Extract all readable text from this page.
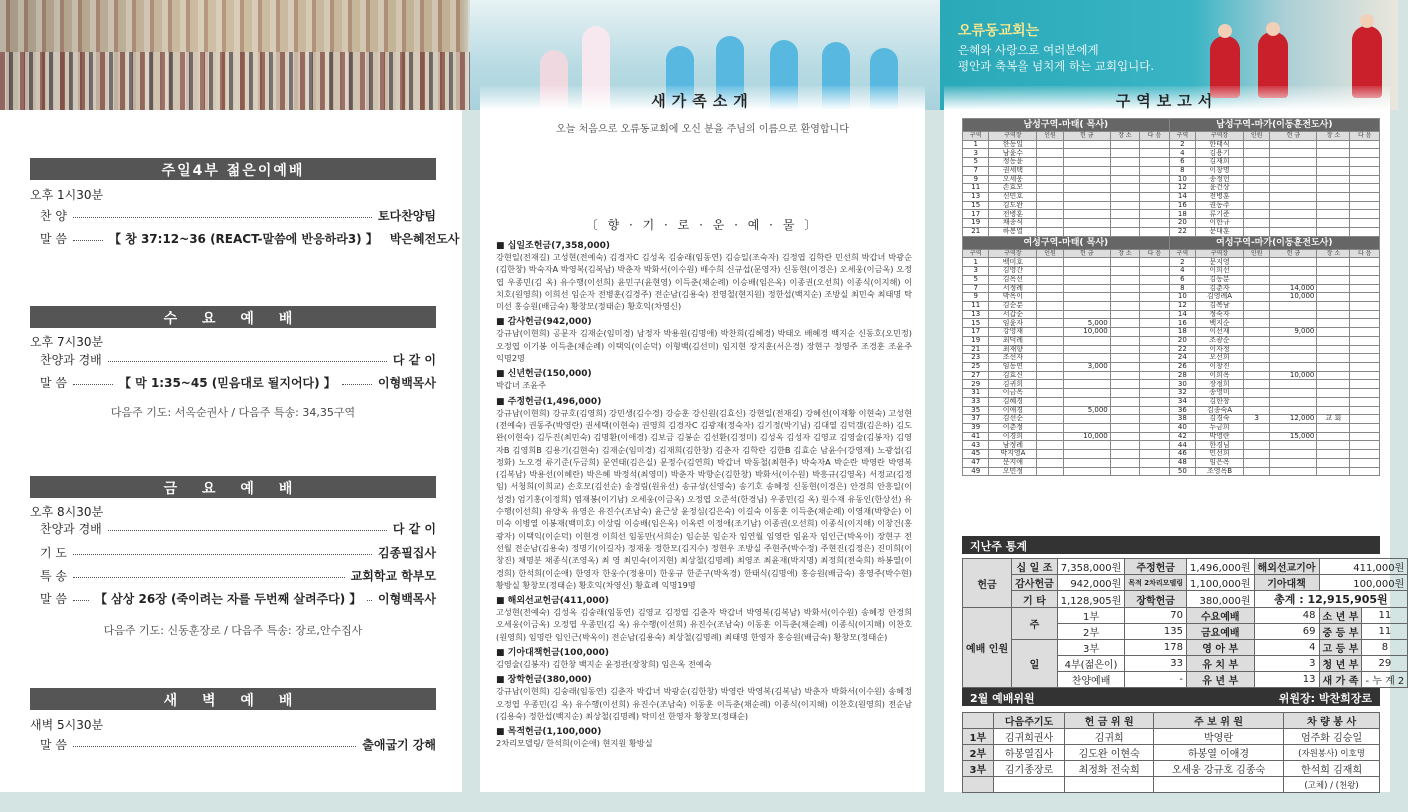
오류동교회는
은혜와 사랑으로 여러분에게
평안과 축복을 넘치게 하는 교회입니다.
새가족소개	구역보고서
주일4부 젊은이예배
오후 1시30분
찬 양	토다찬양팀
말 씀	【 창 37:12~36 (REACT-말씀에 반응하라3) 】 박은혜전도사
수 요 예 배
오후 7시30분
찬양과 경배	다 같 이
말 씀	【 막 1:35~45 (믿음대로 될지어다) 】	이형백목사
다음주 기도: 서옥순권사 / 다음주 특송: 34,35구역
금 요 예 배
오후 8시30분
찬양과 경배	다 같 이
기 도	김종필집사
특 송	교회학교 학부모
말 씀 【 삼상 26장 (죽이려는 자를 두번째 살려주다) 】 이형백목사
다음주 기도: 신동훈장로 / 다음주 특송: 장로,안수집사
새 벽 예 배
새벽 5시30분
말 씀	출애굽기 강해
오늘 처음으로 오류동교회에 오신 분을 주님의 이름으로 환영합니다
〔 향 · 기 · 로 · 운 · 예 · 물 〕
■ 십일조헌금(7,358,000)

강현일(전재길) 고성현(전예숙) 김경자C 김성옥 김숭래(임동연) 김승일(조숙자) 김정엽 김학란 민선희 박갑녀 박광순(김한창) 박숙자A 박영복(김복남) 박춘자 박화서(이수원) 배수희 신규섭(문영자) 신동현(이경은) 오세웅(이금옥) 오정엽 우종민(김 옥) 유수행(이선희) 윤민구(윤현영) 이득춘(채순례) 이승배(임은옥) 이종권(오선희) 이종식(이지해) 이치호(원영희) 이희선 임순자 전병훈(김경주) 전순남(김용숙) 전영철(현지원) 정한섭(백지순) 조방실 최민숙 최태명 탁미선 홍승원(배금숙) 황창모(정태순) 황호익(차영신)

■ 감사헌금(942,000)

강규남(이현희) 공문자 김재순(임미경) 남정자 박용원(김명애) 박찬희(김혜경) 박태오 배혜경 백지순 신동호(오민정) 오정엽 이기봉 이득춘(채순례) 이택익(이순덕) 이형백(김선미) 임지현 장지훈(서은경) 장현구 정영주 조경훈 조윤주 익명2명

■ 신년헌금(150,000)

박갑녀 조윤주

■ 주정헌금(1,496,000)

강규남(이현희) 강규호(김영희) 강민생(김수경) 강승훈 강신원(김효신) 강현일(전재길) 강혜선(이재황 이현숙) 고성현(전예숙) 권동주(박영란) 권세택(이현숙) 권영희 김경자C 김광재(정숙자) 김기정(박기님) 김대열 김덕갬(김은하) 김도완(이현숙) 김두진(최민숙) 김명환(이애경) 김보금 김봉순 김선환(김정미) 김성옥 김성자 김영교 김영술(김봉자) 김영자B 김영희B 김용기(김현숙) 김재순(임미경) 김재희(김한창) 김춘자 김학란 김한B 김효순 남윤수(강영재) 노광섭(김정화) 노오경 류기준(두금희) 문연태(김은실) 문정수(김연희) 박갑녀 박동철(최현주) 박숙자A 박순란 박영란 박영복(김복남) 박용선(이혜란) 박은혜 박정석(최영미) 박춘자 박향순(김한창) 박화서(이수원) 박흥규(김영옥) 서정교(김정임) 서청희(이희교) 손호모(김선순) 송경림(원유선) 송규성(신영숙) 송기호 송혜정 신동현(이경은) 안경희 안흥일(이성경) 엄기홍(이정희) 염재봉(이기남) 오세웅(이금옥) 오정엽 오준석(한경님) 우종민(김 옥) 원수재 유동인(한상선) 유수행(이선희) 유양옥 유영은 유진수(조남숙) 윤근상 윤정심(김은숙) 이길숙 이동훈 이득춘(채순례) 이영재(박향순) 이미숙 이병열 이봉재(백미호) 이상림 이승배(임은옥) 이옥련 이정애(조기남) 이종권(오선희) 이종식(이지해) 이창건(홍광자) 이택익(이순덕) 이현경 이희선 임동만(서희순) 임순분 임순자 임연월 임영란 임윤자 임인근(박옥이) 장현구 전선월 전순남(김용숙) 정명기(이길자) 정재웅 정한모(김지수) 정현우 조방실 주현주(박수정) 주현진(김정은) 진미희(이창진) 채명분 채종식(조영옥) 최 영 최민숙(이지현) 최상철(김명례) 최영조 최윤재(박지명) 최정희(전숙희) 하봉열(이경희) 한석희(이순애) 한영자 한웅수(정용미) 한웅규 한준구(박옥경) 한태식(김명애) 홍승원(배금숙) 홍영주(박수현) 황방실 황창모(정태순) 황호익(차영신) 황효례 익명19명

■ 해외선교헌금(411,000)

고성현(전예숙) 김성옥 김숭래(임동연) 김영교 김정엽 김춘자 박갑녀 박영복(김복남) 박화서(이수원) 송혜정 안경희 오세웅(이금옥) 오정엽 우종민(김 옥) 유수행(이선희) 유진수(조남숙) 이동훈 이득춘(채순례) 이종식(이지해) 이찬호(원영희) 임명란 임인근(박옥이) 전순남(김용숙) 최상철(김명례) 최태명 한영자 홍승원(배금숙) 황창모(정태순)

■ 기아대책헌금(100,000)

김영술(김봉자) 김한창 백지순 윤정관(장창희) 임은옥 전예숙

■ 장학헌금(380,000)

강규남(이현희) 김숭래(임동연) 김춘자 박갑녀 박광순(김한창) 박영란 박영복(김복남) 박춘자 박화서(이수원) 송혜정 오정엽 우종민(김 옥) 유수행(이선희) 유진수(조남숙) 이동훈 이득춘(채순례) 이종식(이지해) 이찬호(원영희) 전순남(김용숙) 정한섭(백지순) 최상철(김명례) 탁미선 한영자 황창모(정태순)

■ 목적헌금(1,100,000)

2차리모델링/ 한석희(이순애) 현지원 황방실

남성구역-마태( 목사)						남성구역-마가(이동훈전도사)					
구역	구역장	인원	헌 금	장 소	다 음	구역	구역장	인원	헌 금	장 소	다 음
1	한동일					2	한태식				
3	남윤수					4	김용기				
5	정동윤					6	김재희				
7	권세택					8	이창명				
9	오세웅					10	송정헌				
11	손효모					12	윤건상				
13	신민호					14	전병훈				
15	김도완					16	권동주				
17	전병훈					18	류기준				
19	채종식					20	이한규				
21	하봉열					22	문대훈				
여성구역-마태( 목사)						여성구역-마가(이동훈전도사)					
구역	구역장	인원	헌 금	장 소	다 음	구역	구역장	인원	헌 금	장 소	다 음
1	백미호					2	문지영				
3	김영간					4	이희선				
5	김옥선					6	김동분				
7	서정례					8	김춘자		14,000		
9	박옥이					10	김영례A		10,000		
11	김순분					12	김복남				
13	서갑순					14	정숙자				
15	임윤자		5,000			16	백지순				
17	강영재		10,000			18	이선재		9,000		
19	최덕례					20	조광순				
21	최재향					22	이자정				
23	조선자					24	오선희				
25	임동연		3,000			26	이창진				
27	김효신					28	이희옥		10,000		
29	김귀희					30	장정희				
31	이금옥					32	송영미				
33	김혜경					34	김한창				
35	이애경		5,000			36	김종숙A				
37	김선순					38	김경숙	3	12,000	교 회	
39	이춘정					40	두금희				
41	이경희		10,000			42	박영란		15,000		
43	남정례					44	한경님				
45	박지영A					46	민선희				
47	문지애					48	임은옥				
49	오민정					50	조영옥B				
지난주 통계
헌금	십 일 조	7,358,000원	주정헌금	1,496,000원	해외선교기아	411,000원	
	감사헌금	942,000원	목적 2차리모델링	1,100,000원	기아대책	100,000원	
	기 타	1,128,905원	장학헌금	380,000원	총계 : 12,915,905원		
예배 인원	주	1부	70	수요예배	48	소 년 부	11
		2부	135	금요예배	69	중 등 부	11
	일	3부	178	영 아 부	4	고 등 부	8
		4부(젊은이)	33	유 치 부	3	청 년 부	29
		찬양예배	-	유 년 부	13	새 가 족	- 누 계 2
2월 예배위원	위원장: 박찬희장로
	다음주기도	헌 금 위 원	주 보 위 원	차 량 봉 사
1부	김귀희권사	김귀희	박영란	엄주화 김승일
2부	하봉열집사	김도완 이현숙	하봉열 이애경	(자원봉사) 이호명
3부	김기종장로	최정화 전숙희	오세웅 강규호 김종숙	한석희 김재희
				(고체) / (천왕)
